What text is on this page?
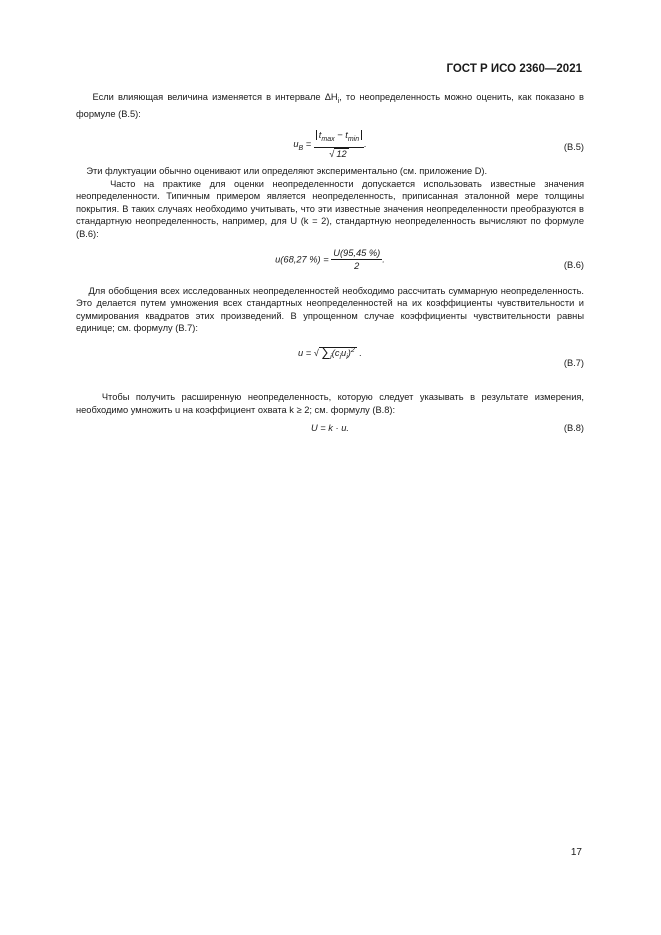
ГОСТ Р ИСО 2360—2021

Если влияющая величина изменяется в интервале $\Delta H_i$, то неопределенность можно оценить, как показано в формуле (B.5):

$u_B = \frac{t_{max} - t_{min}}{√ 12}$ .	(B.5)

Эти флуктуации обычно оценивают или определяют экспериментально (см. приложение D).

Часто на практике для оценки неопределенности допускается использовать известные значения неопределенности. Типичным примером является неопределенность, приписанная эталонной мере толщины покрытия. В таких случаях необходимо учитывать, что эти известные значения неопределенности преобразуются в стандартную неопределенность, например, для U (k = 2), стандартную неопределенность вычисляют по формуле (B.6):

u(68,27 %) = $\frac{U(95,45 \%)}{2}$ .
(B.6)

Для обобщения всех исследованных неопределенностей необходимо рассчитать суммарную неопределенность. Это делается путем умножения всех стандартных неопределенностей на их коэффициенты чувствительности и суммирования квадратов этих произведений. В упрощенном случае коэффициенты чувствительности равны единице; см. формулу (B.7):

u = √ $\sum_i(c_iu_i)^2$ .
(B.7)

Чтобы получить расширенную неопределенность, которую следует указывать в результате измерения, необходимо умножить u на коэффициент охвата k ≥ 2; см. формулу (B.8):

U = k · u.	(B.8)
17
